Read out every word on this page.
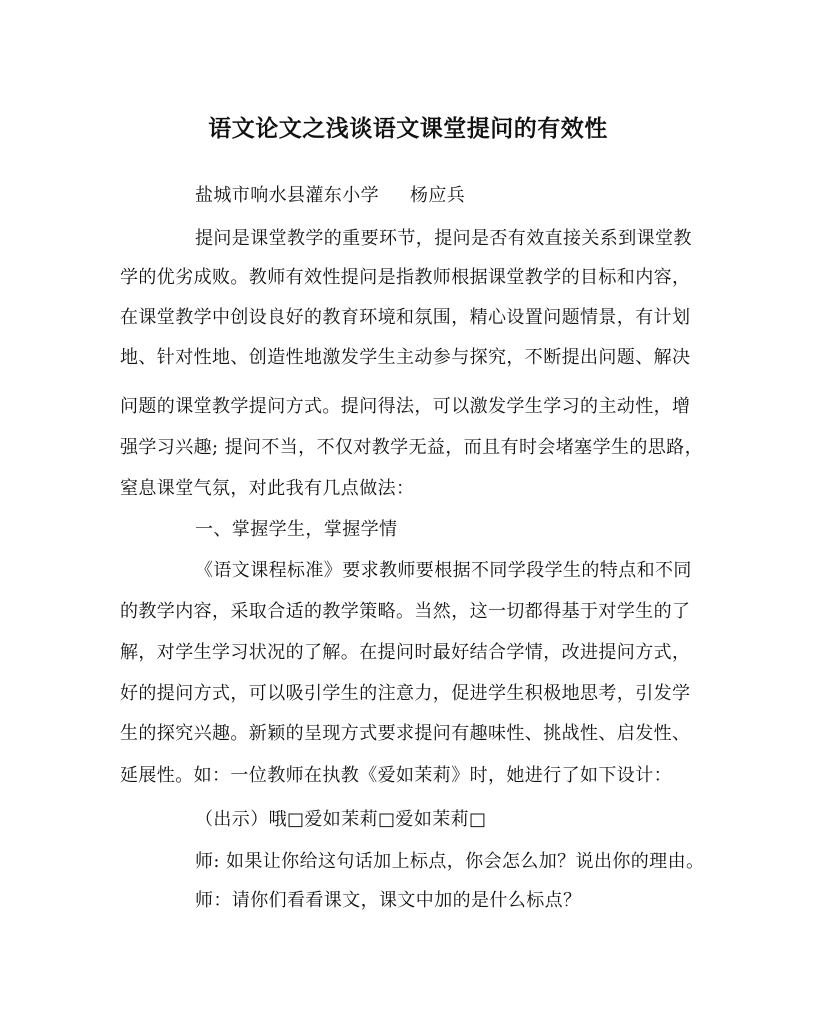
语文论文之浅谈语文课堂提问的有效性
盐城市响水县灌东小学 杨应兵
提问是课堂教学的重要环节，提问是否有效直接关系到课堂教
学的优劣成败。教师有效性提问是指教师根据课堂教学的目标和内容，
在课堂教学中创设良好的教育环境和氛围，精心设置问题情景，有计划
地、针对性地、创造性地激发学生主动参与探究，不断提出问题、解决
问题的课堂教学提问方式。提问得法，可以激发学生学习的主动性，增
强学习兴趣; 提问不当，不仅对教学无益，而且有时会堵塞学生的思路，
窒息课堂气氛，对此我有几点做法：
一、掌握学生，掌握学情
《语文课程标准》要求教师要根据不同学段学生的特点和不同
的教学内容，采取合适的教学策略。当然，这一切都得基于对学生的了
解，对学生学习状况的了解。在提问时最好结合学情，改进提问方式，
好的提问方式，可以吸引学生的注意力，促进学生积极地思考，引发学
生的探究兴趣。新颖的呈现方式要求提问有趣味性、挑战性、启发性、
延展性。如：一位教师在执教《爱如茉莉》时，她进行了如下设计：
（出示）哦□爱如茉莉□爱如茉莉□
师: 如果让你给这句话加上标点，你会怎么加？说出你的理由。
师：请你们看看课文，课文中加的是什么标点？
